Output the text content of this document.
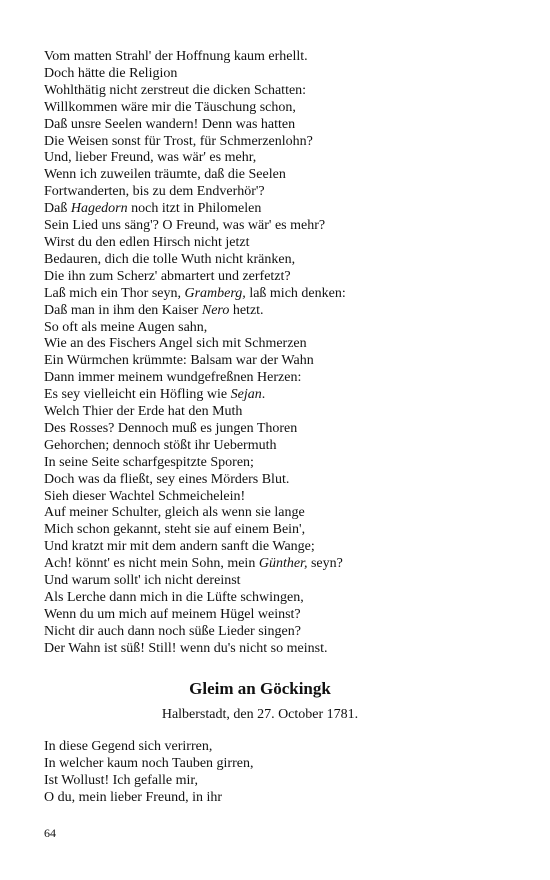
Vom matten Strahl' der Hoffnung kaum erhellt.
Doch hätte die Religion
Wohlthätig nicht zerstreut die dicken Schatten:
Willkommen wäre mir die Täuschung schon,
Daß unsre Seelen wandern! Denn was hatten
Die Weisen sonst für Trost, für Schmerzenlohn?
Und, lieber Freund, was wär' es mehr,
Wenn ich zuweilen träumte, daß die Seelen
Fortwanderten, bis zu dem Endverhör'?
Daß Hagedorn noch itzt in Philomelen
Sein Lied uns säng'? O Freund, was wär' es mehr?
Wirst du den edlen Hirsch nicht jetzt
Bedauren, dich die tolle Wuth nicht kränken,
Die ihn zum Scherz' abmartert und zerfetzt?
Laß mich ein Thor seyn, Gramberg, laß mich denken:
Daß man in ihm den Kaiser Nero hetzt.
So oft als meine Augen sahn,
Wie an des Fischers Angel sich mit Schmerzen
Ein Würmchen krümmte: Balsam war der Wahn
Dann immer meinem wundgefreßnen Herzen:
Es sey vielleicht ein Höfling wie Sejan.
Welch Thier der Erde hat den Muth
Des Rosses? Dennoch muß es jungen Thoren
Gehorchen; dennoch stößt ihr Uebermuth
In seine Seite scharfgespitzte Sporen;
Doch was da fließt, sey eines Mörders Blut.
Sieh dieser Wachtel Schmeichelein!
Auf meiner Schulter, gleich als wenn sie lange
Mich schon gekannt, steht sie auf einem Bein',
Und kratzt mir mit dem andern sanft die Wange;
Ach! könnt' es nicht mein Sohn, mein Günther, seyn?
Und warum sollt' ich nicht dereinst
Als Lerche dann mich in die Lüfte schwingen,
Wenn du um mich auf meinem Hügel weinst?
Nicht dir auch dann noch süße Lieder singen?
Der Wahn ist süß! Still! wenn du's nicht so meinst.
Gleim an Göckingk
Halberstadt, den 27. October 1781.
In diese Gegend sich verirren,
In welcher kaum noch Tauben girren,
Ist Wollust! Ich gefalle mir,
O du, mein lieber Freund, in ihr
64
